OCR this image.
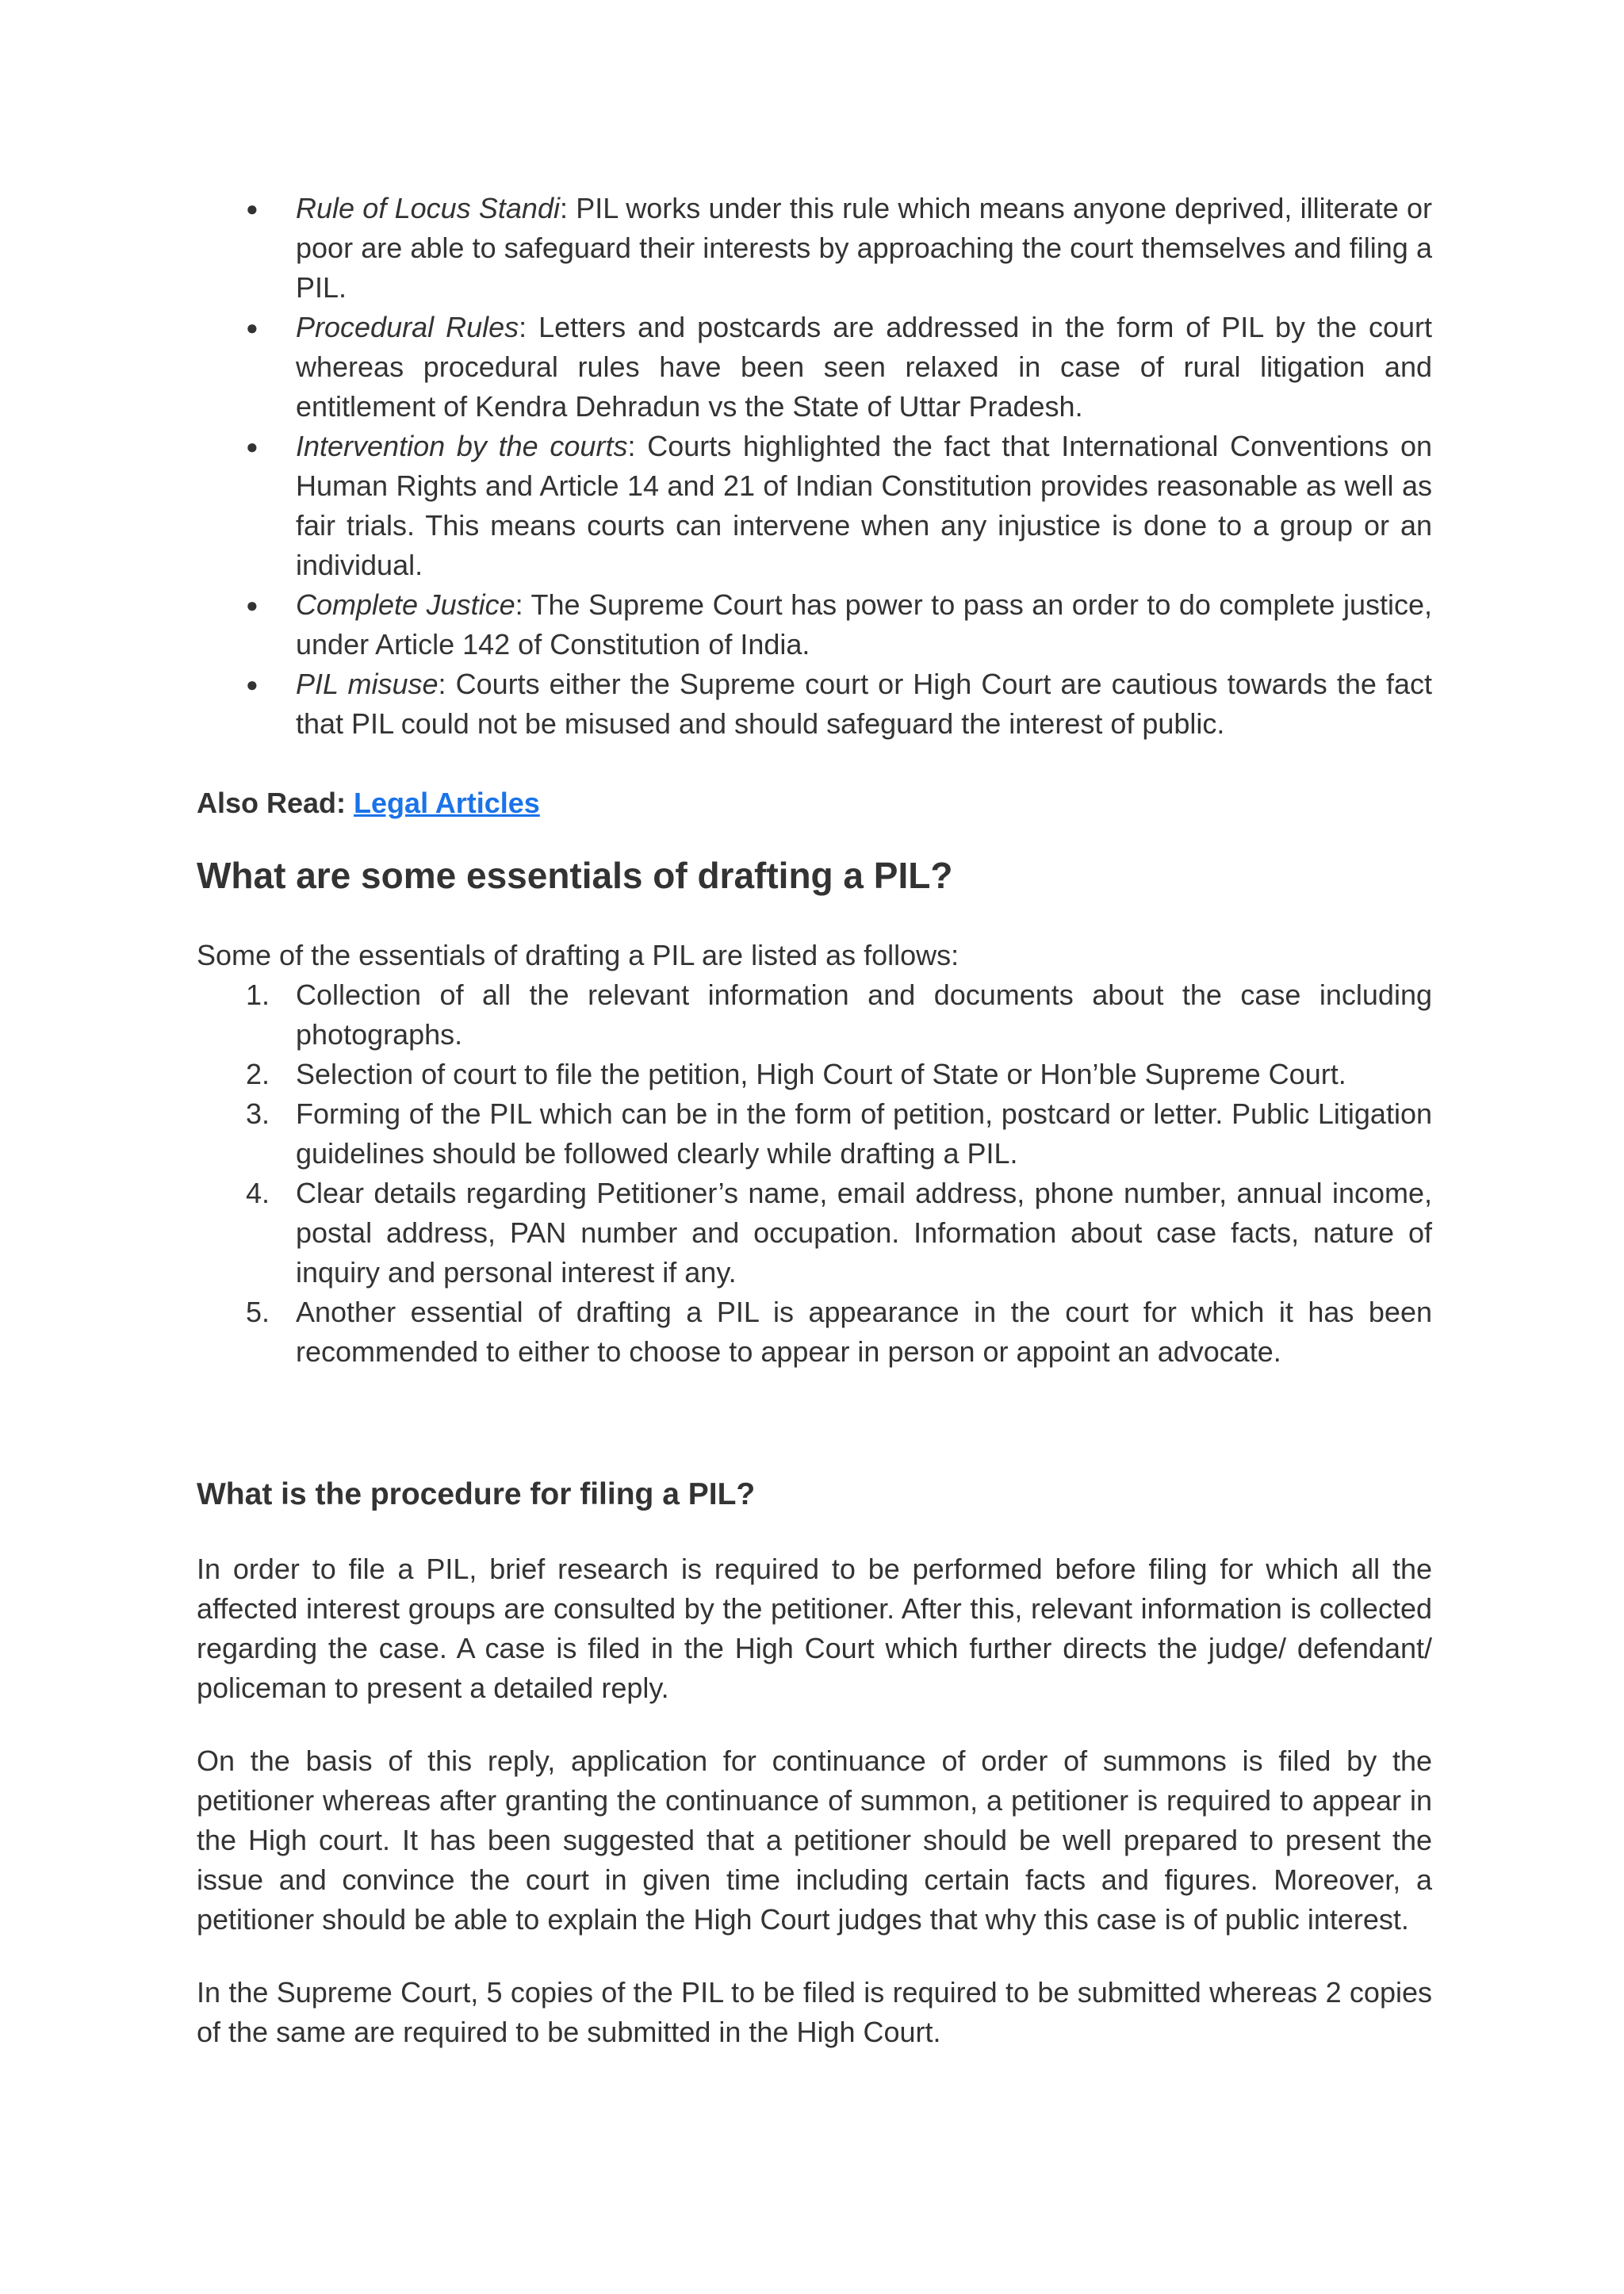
● Rule of Locus Standi: PIL works under this rule which means anyone deprived, illiterate or poor are able to safeguard their interests by approaching the court themselves and filing a PIL.
● Procedural Rules: Letters and postcards are addressed in the form of PIL by the court whereas procedural rules have been seen relaxed in case of rural litigation and entitlement of Kendra Dehradun vs the State of Uttar Pradesh.
● Intervention by the courts: Courts highlighted the fact that International Conventions on Human Rights and Article 14 and 21 of Indian Constitution provides reasonable as well as fair trials. This means courts can intervene when any injustice is done to a group or an individual.
● Complete Justice: The Supreme Court has power to pass an order to do complete justice, under Article 142 of Constitution of India.
● PIL misuse: Courts either the Supreme court or High Court are cautious towards the fact that PIL could not be misused and should safeguard the interest of public.
Also Read: Legal Articles
What are some essentials of drafting a PIL?

Some of the essentials of drafting a PIL are listed as follows:

1. Collection of all the relevant information and documents about the case including photographs.
2. Selection of court to file the petition, High Court of State or Hon’ble Supreme Court.
3. Forming of the PIL which can be in the form of petition, postcard or letter. Public Litigation guidelines should be followed clearly while drafting a PIL.
4. Clear details regarding Petitioner’s name, email address, phone number, annual income, postal address, PAN number and occupation. Information about case facts, nature of inquiry and personal interest if any.
5. Another essential of drafting a PIL is appearance in the court for which it has been recommended to either to choose to appear in person or appoint an advocate.
What is the procedure for filing a PIL?

In order to file a PIL, brief research is required to be performed before filing for which all the affected interest groups are consulted by the petitioner. After this, relevant information is collected regarding the case. A case is filed in the High Court which further directs the judge/ defendant/ policeman to present a detailed reply.

On the basis of this reply, application for continuance of order of summons is filed by the petitioner whereas after granting the continuance of summon, a petitioner is required to appear in the High court. It has been suggested that a petitioner should be well prepared to present the issue and convince the court in given time including certain facts and figures. Moreover, a petitioner should be able to explain the High Court judges that why this case is of public interest.

In the Supreme Court, 5 copies of the PIL to be filed is required to be submitted whereas 2 copies of the same are required to be submitted in the High Court.
